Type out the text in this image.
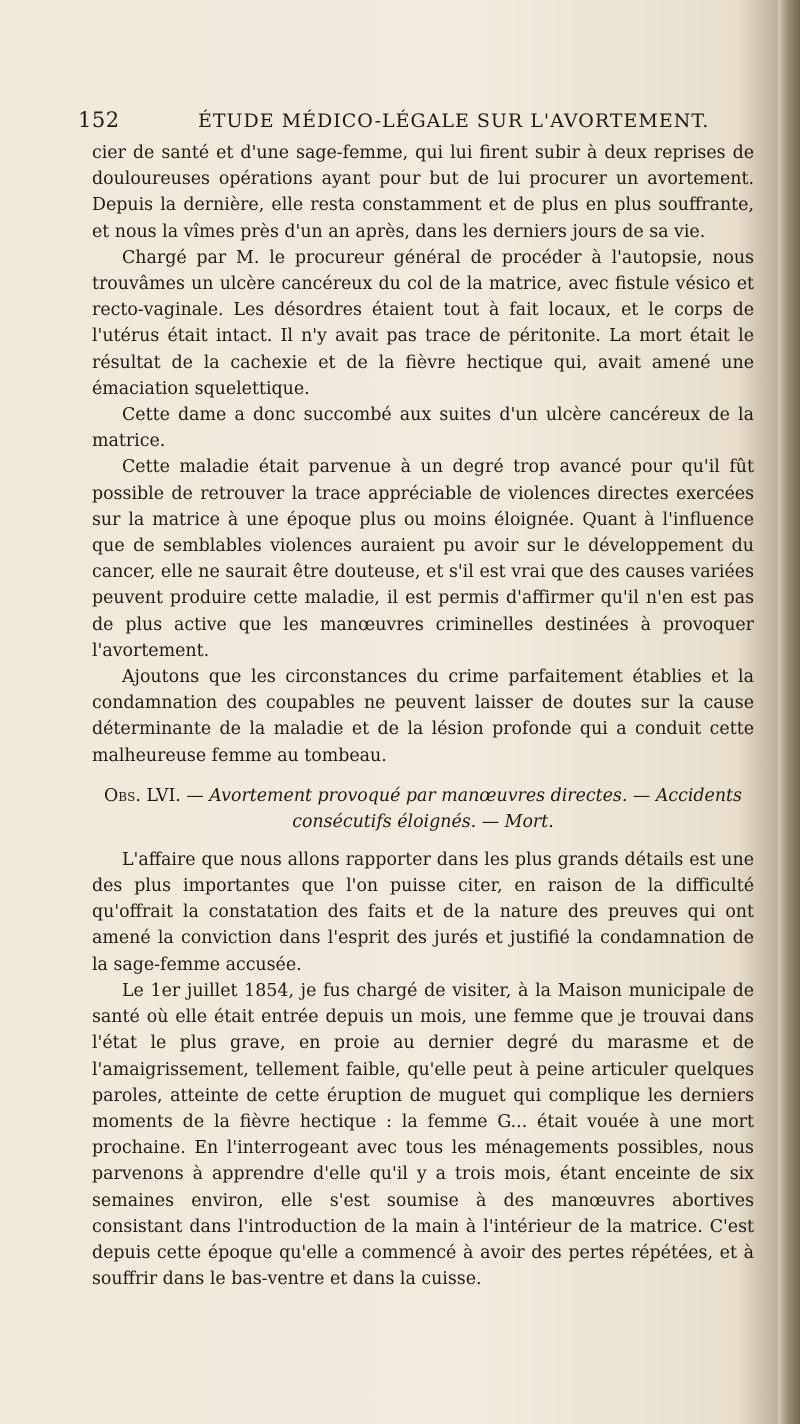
152	ÉTUDE MÉDICO-LÉGALE SUR L'AVORTEMENT.

cier de santé et d'une sage-femme, qui lui firent subir à deux reprises de douloureuses opérations ayant pour but de lui procurer un avortement. Depuis la dernière, elle resta constamment et de plus en plus souffrante, et nous la vîmes près d'un an après, dans les derniers jours de sa vie.

Chargé par M. le procureur général de procéder à l'autopsie, nous trouvâmes un ulcère cancéreux du col de la matrice, avec fistule vésico et recto-vaginale. Les désordres étaient tout à fait locaux, et le corps de l'utérus était intact. Il n'y avait pas trace de péritonite. La mort était le résultat de la cachexie et de la fièvre hectique qui, avait amené une émaciation squelettique.

Cette dame a donc succombé aux suites d'un ulcère cancéreux de la matrice.

Cette maladie était parvenue à un degré trop avancé pour qu'il fût possible de retrouver la trace appréciable de violences directes exercées sur la matrice à une époque plus ou moins éloignée. Quant à l'influence que de semblables violences auraient pu avoir sur le développement du cancer, elle ne saurait être douteuse, et s'il est vrai que des causes variées peuvent produire cette maladie, il est permis d'affirmer qu'il n'en est pas de plus active que les manœuvres criminelles destinées à provoquer l'avortement.

Ajoutons que les circonstances du crime parfaitement établies et la condamnation des coupables ne peuvent laisser de doutes sur la cause déterminante de la maladie et de la lésion profonde qui a conduit cette malheureuse femme au tombeau.

Obs. LVI. — Avortement provoqué par manœuvres directes. — Accidents consécutifs éloignés. — Mort.

L'affaire que nous allons rapporter dans les plus grands détails est une des plus importantes que l'on puisse citer, en raison de la difficulté qu'offrait la constatation des faits et de la nature des preuves qui ont amené la conviction dans l'esprit des jurés et justifié la condamnation de la sage-femme accusée.

Le 1er juillet 1854, je fus chargé de visiter, à la Maison municipale de santé où elle était entrée depuis un mois, une femme que je trouvai dans l'état le plus grave, en proie au dernier degré du marasme et de l'amaigrissement, tellement faible, qu'elle peut à peine articuler quelques paroles, atteinte de cette éruption de muguet qui complique les derniers moments de la fièvre hectique : la femme G... était vouée à une mort prochaine. En l'interrogeant avec tous les ménagements possibles, nous parvenons à apprendre d'elle qu'il y a trois mois, étant enceinte de six semaines environ, elle s'est soumise à des manœuvres abortives consistant dans l'introduction de la main à l'intérieur de la matrice. C'est depuis cette époque qu'elle a commencé à avoir des pertes répétées, et à souffrir dans le bas-ventre et dans la cuisse.
